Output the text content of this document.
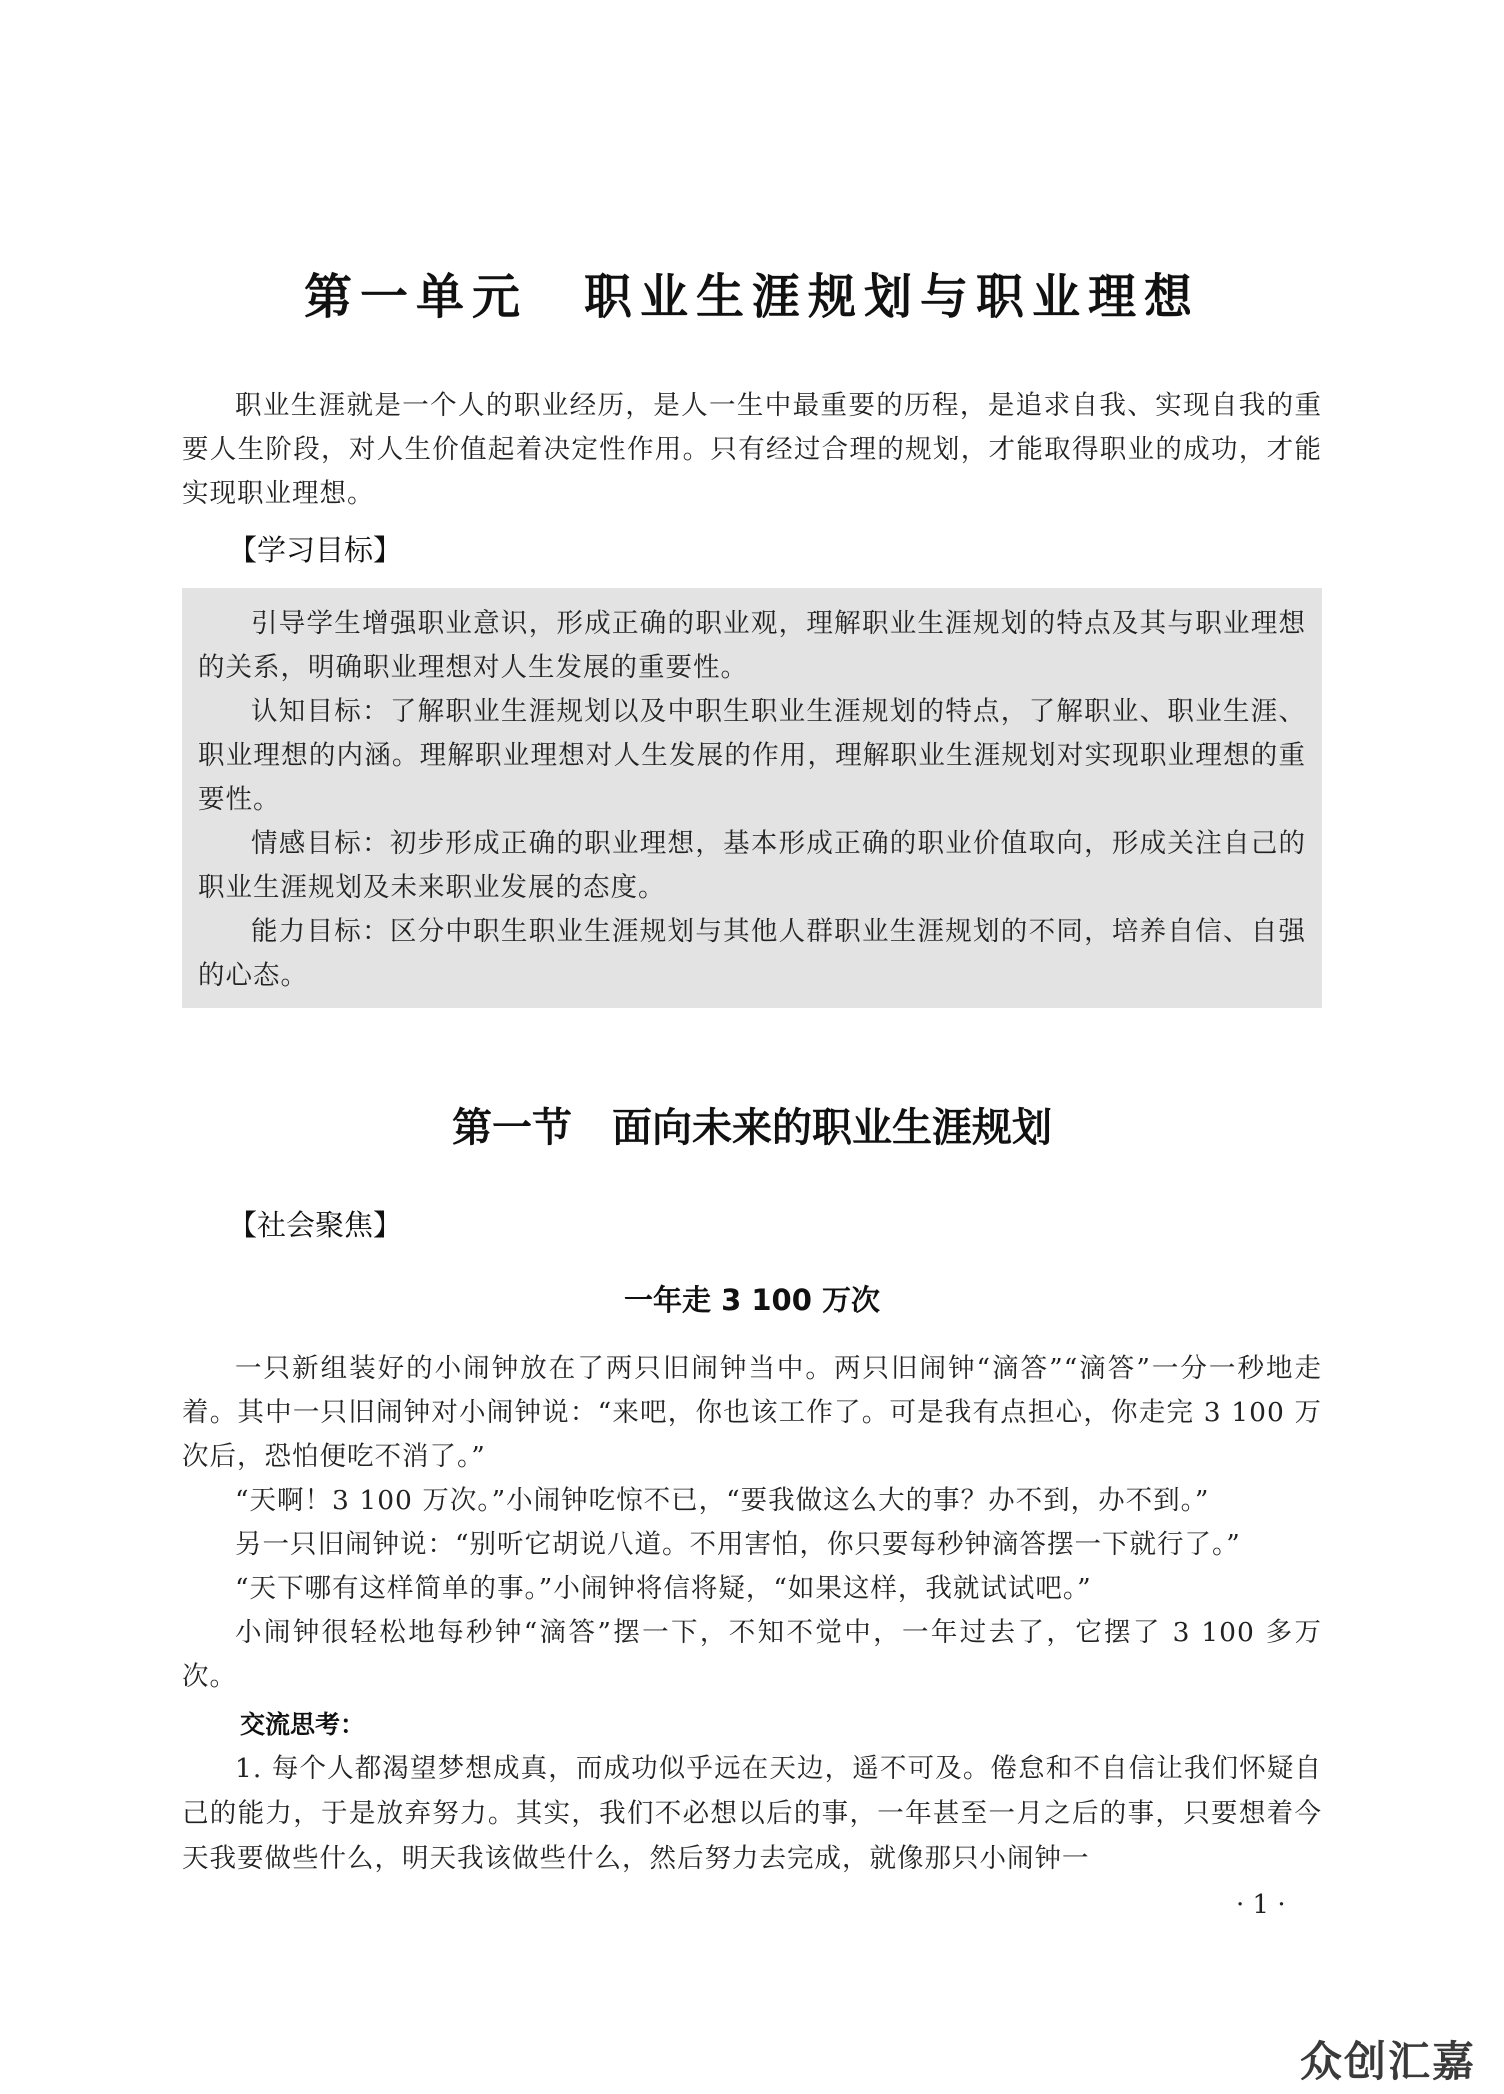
第一单元　职业生涯规划与职业理想

职业生涯就是一个人的职业经历，是人一生中最重要的历程，是追求自我、实现自我的重要人生阶段，对人生价值起着决定性作用。只有经过合理的规划，才能取得职业的成功，才能实现职业理想。

【学习目标】

引导学生增强职业意识，形成正确的职业观，理解职业生涯规划的特点及其与职业理想的关系，明确职业理想对人生发展的重要性。

认知目标：了解职业生涯规划以及中职生职业生涯规划的特点，了解职业、职业生涯、职业理想的内涵。理解职业理想对人生发展的作用，理解职业生涯规划对实现职业理想的重要性。

情感目标：初步形成正确的职业理想，基本形成正确的职业价值取向，形成关注自己的职业生涯规划及未来职业发展的态度。

能力目标：区分中职生职业生涯规划与其他人群职业生涯规划的不同，培养自信、自强的心态。

第一节　面向未来的职业生涯规划
【社会聚焦】
一年走 3 100 万次

一只新组装好的小闹钟放在了两只旧闹钟当中。两只旧闹钟“滴答”“滴答”一分一秒地走着。其中一只旧闹钟对小闹钟说：“来吧，你也该工作了。可是我有点担心，你走完 3 100 万次后，恐怕便吃不消了。”

“天啊！3 100 万次。”小闹钟吃惊不已，“要我做这么大的事？办不到，办不到。”

另一只旧闹钟说：“别听它胡说八道。不用害怕，你只要每秒钟滴答摆一下就行了。”

“天下哪有这样简单的事。”小闹钟将信将疑，“如果这样，我就试试吧。”

小闹钟很轻松地每秒钟“滴答”摆一下，不知不觉中，一年过去了，它摆了 3 100 多万次。

交流思考：

1. 每个人都渴望梦想成真，而成功似乎远在天边，遥不可及。倦怠和不自信让我们怀疑自己的能力，于是放弃努力。其实，我们不必想以后的事，一年甚至一月之后的事，只要想着今天我要做些什么，明天我该做些什么，然后努力去完成，就像那只小闹钟一

· 1 ·
众创汇嘉
